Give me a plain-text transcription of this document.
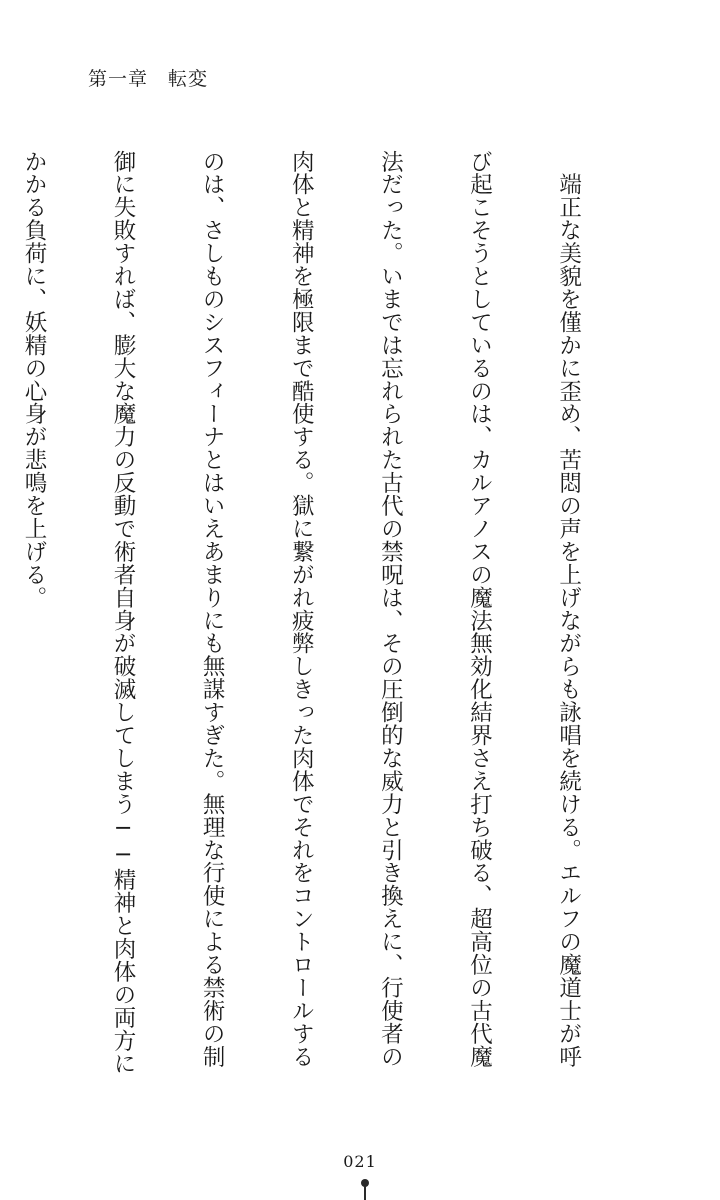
第一章　転変

　端正な美貌を僅かに歪め、苦悶の声を上げながらも詠唱を続ける。エルフの魔道士が呼

び起こそうとしているのは、カルアノスの魔法無効化結界さえ打ち破る、超高位の古代魔

法だった。いまでは忘れられた古代の禁呪は、その圧倒的な威力と引き換えに、行使者の

肉体と精神を極限まで酷使する。獄に繋がれ疲弊しきった肉体でそれをコントロールする

のは、さしものシスフィーナとはいえあまりにも無謀すぎた。無理な行使による禁術の制

御に失敗すれば、膨大な魔力の反動で術者自身が破滅してしまう──精神と肉体の両方に

かかる負荷に、妖精の心身が悲鳴を上げる。

021
